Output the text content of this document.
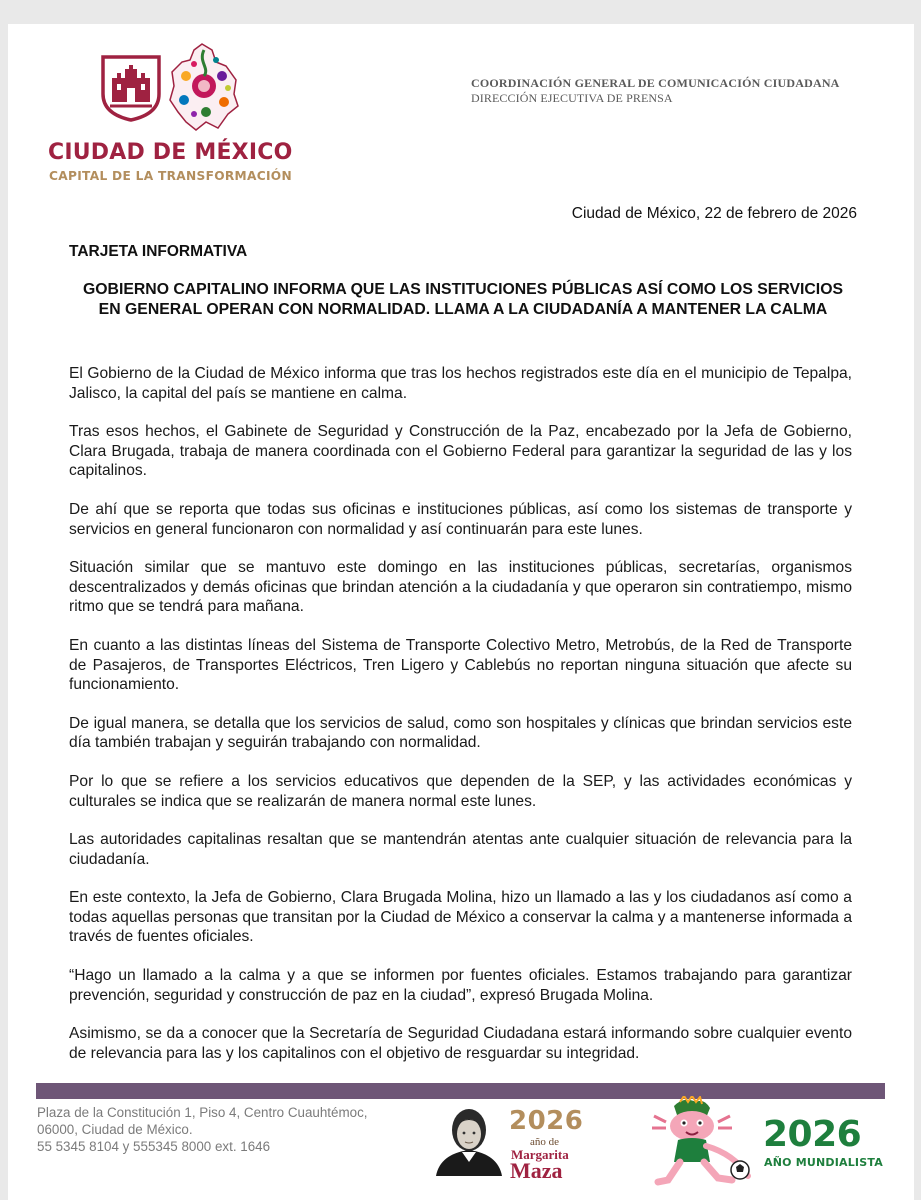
CIUDAD DE MÉXICO
CAPITAL DE LA TRANSFORMACIÓN
COORDINACIÓN GENERAL DE COMUNICACIÓN CIUDADANA
DIRECCIÓN EJECUTIVA DE PRENSA
Ciudad de México, 22 de febrero de 2026
TARJETA INFORMATIVA
GOBIERNO CAPITALINO INFORMA QUE LAS INSTITUCIONES PÚBLICAS ASÍ COMO LOS SERVICIOS EN GENERAL OPERAN CON NORMALIDAD. LLAMA A LA CIUDADANÍA A MANTENER LA CALMA

El Gobierno de la Ciudad de México informa que tras los hechos registrados este día en el municipio de Tepalpa, Jalisco, la capital del país se mantiene en calma.

Tras esos hechos, el Gabinete de Seguridad y Construcción de la Paz, encabezado por la Jefa de Gobierno, Clara Brugada, trabaja de manera coordinada con el Gobierno Federal para garantizar la seguridad de las y los capitalinos.

De ahí que se reporta que todas sus oficinas e instituciones públicas, así como los sistemas de transporte y servicios en general funcionaron con normalidad y así continuarán para este lunes.

Situación similar que se mantuvo este domingo en las instituciones públicas, secretarías, organismos descentralizados y demás oficinas que brindan atención a la ciudadanía y que operaron sin contratiempo, mismo ritmo que se tendrá para mañana.

En cuanto a las distintas líneas del Sistema de Transporte Colectivo Metro, Metrobús, de la Red de Transporte de Pasajeros, de Transportes Eléctricos, Tren Ligero y Cablebús no reportan ninguna situación que afecte su funcionamiento.

De igual manera, se detalla que los servicios de salud, como son hospitales y clínicas que brindan servicios este día también trabajan y seguirán trabajando con normalidad.

Por lo que se refiere a los servicios educativos que dependen de la SEP, y las actividades económicas y culturales se indica que se realizarán de manera normal este lunes.

Las autoridades capitalinas resaltan que se mantendrán atentas ante cualquier situación de relevancia para la ciudadanía.

En este contexto, la Jefa de Gobierno, Clara Brugada Molina, hizo un llamado a las y los ciudadanos así como a todas aquellas personas que transitan por la Ciudad de México a conservar la calma y a mantenerse informada a través de fuentes oficiales.

“Hago un llamado a la calma y a que se informen por fuentes oficiales. Estamos trabajando para garantizar prevención, seguridad y construcción de paz en la ciudad”, expresó Brugada Molina.

Asimismo, se da a conocer que la Secretaría de Seguridad Ciudadana estará informando sobre cualquier evento de relevancia para las y los capitalinos con el objetivo de resguardar su integridad.

Plaza de la Constitución 1, Piso 4, Centro Cuauhtémoc,
06000, Ciudad de México.
55 5345 8104 y 555345 8000 ext. 1646
2026
año de
Margarita
Maza
2026
AÑO MUNDIALISTA
